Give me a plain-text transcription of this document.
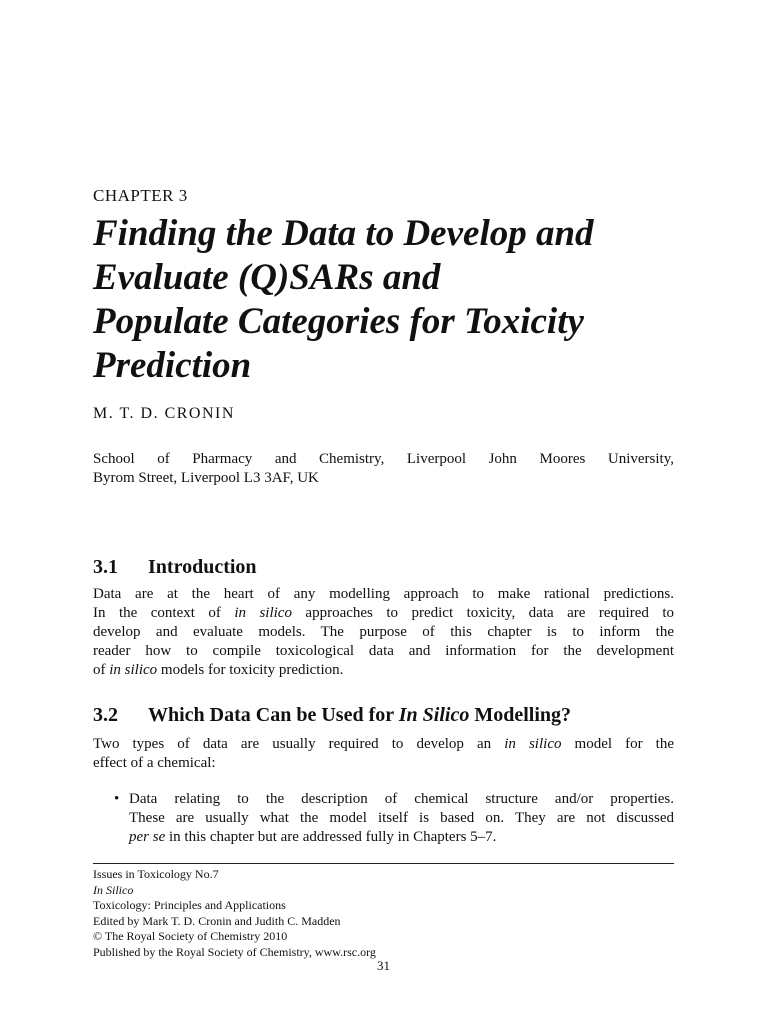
CHAPTER 3
Finding the Data to Develop and
Evaluate (Q)SARs and
Populate Categories for Toxicity
Prediction
M. T. D. CRONIN
School of Pharmacy and Chemistry, Liverpool John Moores University,
Byrom Street, Liverpool L3 3AF, UK
3.1 Introduction
Data are at the heart of any modelling approach to make rational predictions.
In the context of in silico approaches to predict toxicity, data are required to
develop and evaluate models. The purpose of this chapter is to inform the
reader how to compile toxicological data and information for the development
of in silico models for toxicity prediction.
3.2 Which Data Can be Used for In Silico Modelling?
Two types of data are usually required to develop an in silico model for the
effect of a chemical:
• Data relating to the description of chemical structure and/or properties.
These are usually what the model itself is based on. They are not discussed
per se in this chapter but are addressed fully in Chapters 5–7.
Issues in Toxicology No.7
In Silico
Toxicology: Principles and Applications
Edited by Mark T. D. Cronin and Judith C. Madden
© The Royal Society of Chemistry 2010
Published by the Royal Society of Chemistry, www.rsc.org
31
